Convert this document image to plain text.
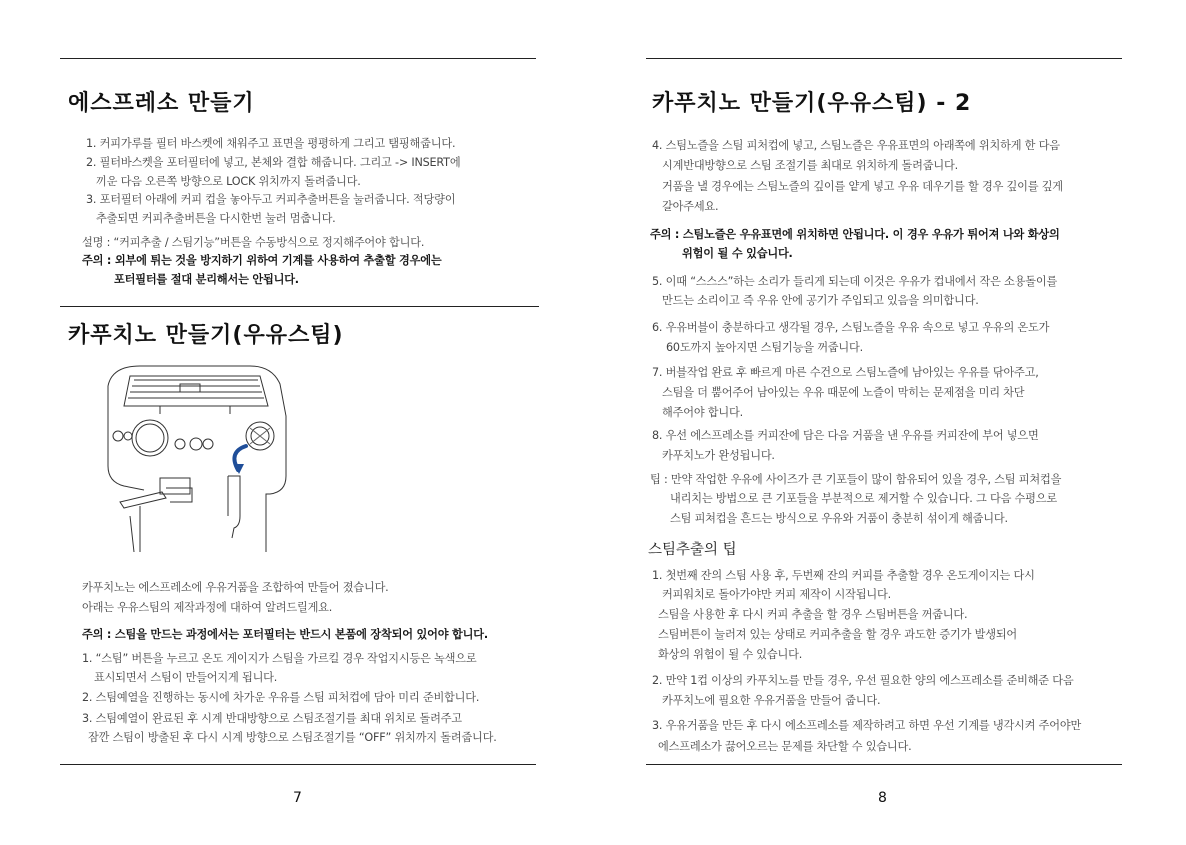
에스프레소 만들기
1. 커피가루를 필터 바스켓에 채워주고 표면을 평평하게 그리고 탬핑해줍니다.
2. 필터바스켓을 포터필터에 넣고, 본체와 결합 해줍니다. 그리고 -> INSERT에
끼운 다음 오른쪽 방향으로 LOCK 위치까지 돌려줍니다.
3. 포터필터 아래에 커피 컵을 놓아두고 커피추출버튼을 눌러줍니다. 적당량이
추출되면 커피추출버튼을 다시한번 눌러 멈춥니다.
설명 : “커피추출 / 스팀기능”버튼을 수동방식으로 정지해주어야 합니다.
주의 : 외부에 튀는 것을 방지하기 위하여 기계를 사용하여 추출할 경우에는
포터필터를 절대 분리해서는 안됩니다.
카푸치노 만들기(우유스팀)
카푸치노는 에스프레소에 우유거품을 조합하여 만들어 졌습니다.
아래는 우유스팀의 제작과정에 대하여 알려드릴게요.
주의 : 스팀을 만드는 과정에서는 포터필터는 반드시 본품에 장착되어 있어야 합니다.
1. “스팀” 버튼을 누르고 온도 게이지가 스팀을 가르킬 경우 작업지시등은 녹색으로
표시되면서 스팀이 만들어지게 됩니다.
2. 스팀예열을 진행하는 동시에 차가운 우유를 스팀 피처컵에 담아 미리 준비합니다.
3. 스팀예열이 완료된 후 시계 반대방향으로 스팀조절기를 최대 위치로 돌려주고
잠깐 스팀이 방출된 후 다시 시계 방향으로 스팀조절기를 “OFF” 위치까지 돌려줍니다.
7
카푸치노 만들기(우유스팀) - 2
4. 스팀노즐을 스팀 피처컵에 넣고, 스팀노즐은 우유표면의 아래쪽에 위치하게 한 다음
시계반대방향으로 스팀 조절기를 최대로 위치하게 돌려줍니다.
거품을 낼 경우에는 스팀노즐의 깊이를 얕게 넣고 우유 데우기를 할 경우 깊이를 깊게
갈아주세요.
주의 : 스팀노즐은 우유표면에 위치하면 안됩니다. 이 경우 우유가 튀어져 나와 화상의
위험이 될 수 있습니다.
5. 이때 “스스스”하는 소리가 들리게 되는데 이것은 우유가 컵내에서 작은 소용돌이를
만드는 소리이고 즉 우유 안에 공기가 주입되고 있음을 의미합니다.
6. 우유버블이 충분하다고 생각될 경우, 스팀노즐을 우유 속으로 넣고 우유의 온도가
60도까지 높아지면 스팀기능을 꺼줍니다.
7. 버블작업 완료 후 빠르게 마른 수건으로 스팀노즐에 남아있는 우유를 닦아주고,
스팀을 더 뿜어주어 남아있는 우유 때문에 노즐이 막히는 문제점을 미리 차단
해주어야 합니다.
8. 우선 에스프레소를 커피잔에 담은 다음 거품을 낸 우유를 커피잔에 부어 넣으면
카푸치노가 완성됩니다.
팁 : 만약 작업한 우유에 사이즈가 큰 기포들이 많이 함유되어 있을 경우, 스팀 피쳐컵을
내리치는 방법으로 큰 기포들을 부분적으로 제거할 수 있습니다. 그 다음 수평으로
스팀 피쳐컵을 흔드는 방식으로 우유와 거품이 충분히 섞이게 해줍니다.
스팀추출의 팁
1. 첫번째 잔의 스팀 사용 후, 두번째 잔의 커피를 추출할 경우 온도게이지는 다시
커피워치로 돌아가야만 커피 제작이 시작됩니다.
스팀을 사용한 후 다시 커피 추출을 할 경우 스팀버튼을 꺼줍니다.
스팀버튼이 눌러져 있는 상태로 커피추출을 할 경우 과도한 증기가 발생되어
화상의 위험이 될 수 있습니다.
2. 만약 1컵 이상의 카푸치노를 만들 경우, 우선 필요한 양의 에스프레소를 준비해준 다음
카푸치노에 필요한 우유거품을 만들어 줍니다.
3. 우유거품을 만든 후 다시 에소프레소를 제작하려고 하면 우선 기계를 냉각시켜 주어야만
에스프레소가 끓어오르는 문제를 차단할 수 있습니다.
8
